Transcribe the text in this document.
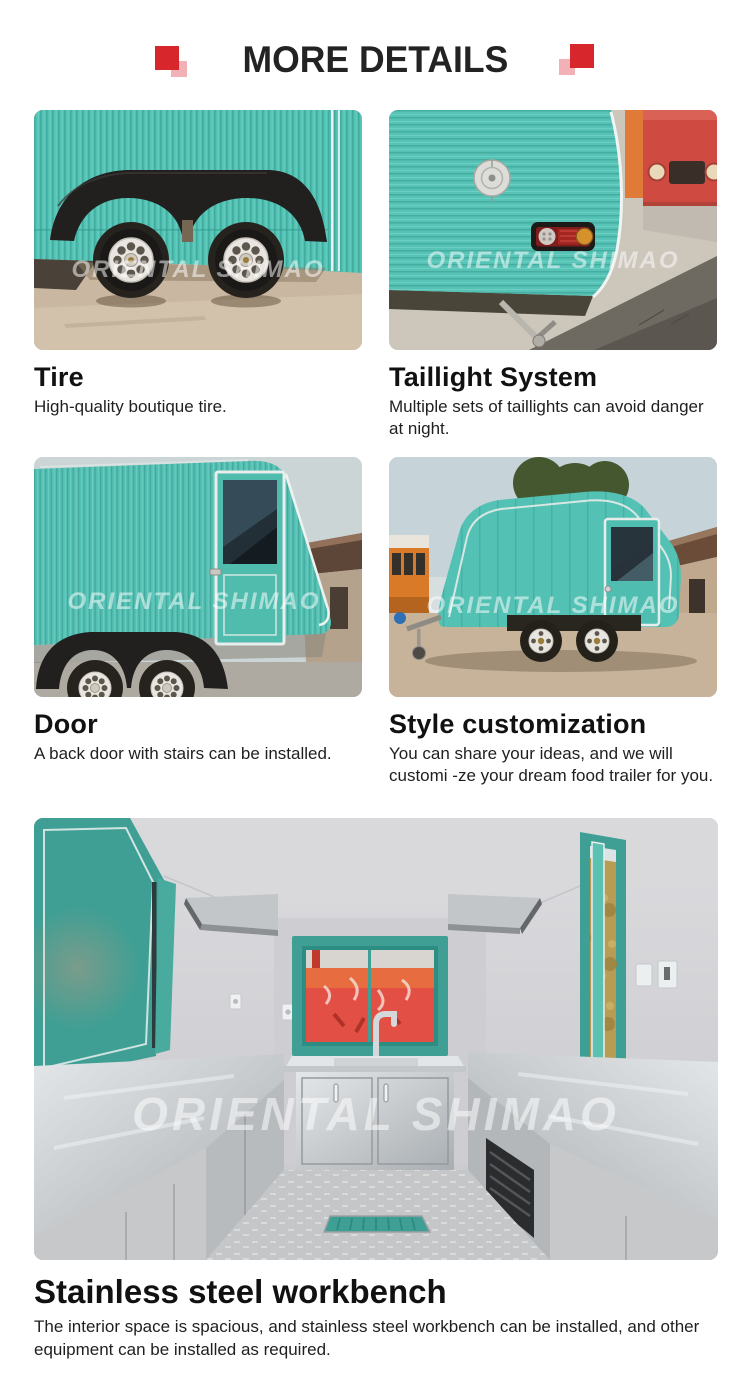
MORE DETAILS
ORIENTAL SHIMAO
Tire

High-quality boutique tire.

ORIENTAL SHIMAO
Taillight System

Multiple sets of taillights can avoid danger at night.

ORIENTAL SHIMAO
Door

A back door with stairs can be installed.

ORIENTAL SHIMAO
Style customization

You can share your ideas, and we will customi -ze your dream food trailer for you.

ORIENTAL SHIMAO
Stainless steel workbench

The interior space is spacious, and stainless steel workbench can be installed, and other equipment can be installed as required.
